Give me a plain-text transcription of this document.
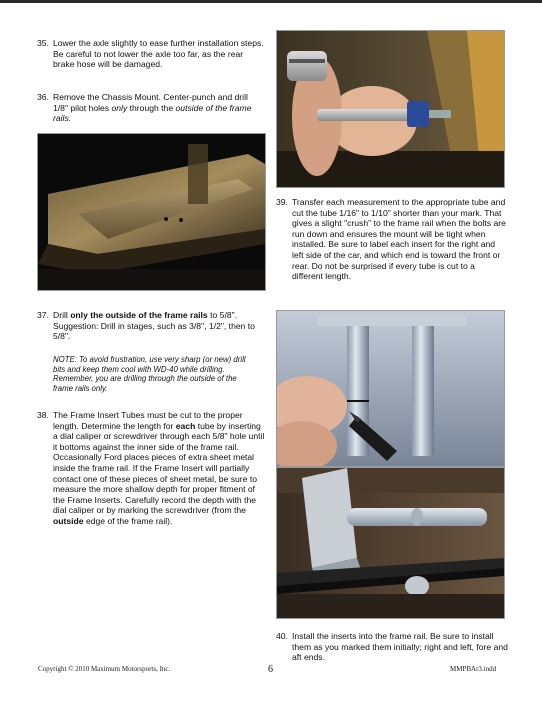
35. Lower the axle slightly to ease further installation steps. Be careful to not lower the axle too far, as the rear brake hose will be damaged.
36. Remove the Chassis Mount. Center-punch and drill 1/8" pilot holes only through the outside of the frame rails.
37. Drill only the outside of the frame rails to 5/8". Suggestion: Drill in stages, such as 3/8", 1/2", then to 5/8".
NOTE: To avoid frustration, use very sharp (or new) drill bits and keep them cool with WD-40 while drilling. Remember, you are drilling through the outside of the frame rails only.
38. The Frame Insert Tubes must be cut to the proper length. Determine the length for each tube by inserting a dial caliper or screwdriver through each 5/8" hole until it bottoms against the inner side of the frame rail. Occasionally Ford places pieces of extra sheet metal inside the frame rail. If the Frame Insert will partially contact one of these pieces of sheet metal, be sure to measure the more shallow depth for proper fitment of the Frame Inserts. Carefully record the depth with the dial caliper or by marking the screwdriver (from the outside edge of the frame rail).
39. Transfer each measurement to the appropriate tube and cut the tube 1/16" to 1/10" shorter than your mark. That gives a slight "crush" to the frame rail when the bolts are run down and ensures the mount will be tight when installed. Be sure to label each insert for the right and left side of the car, and which end is toward the front or rear. Do not be surprised if every tube is cut to a different length.
40. Install the inserts into the frame rail. Be sure to install them as you marked them initially; right and left, fore and aft ends.
Copyright © 2010 Maximum Motorsports, Inc.	6	MMPBAr3.indd
